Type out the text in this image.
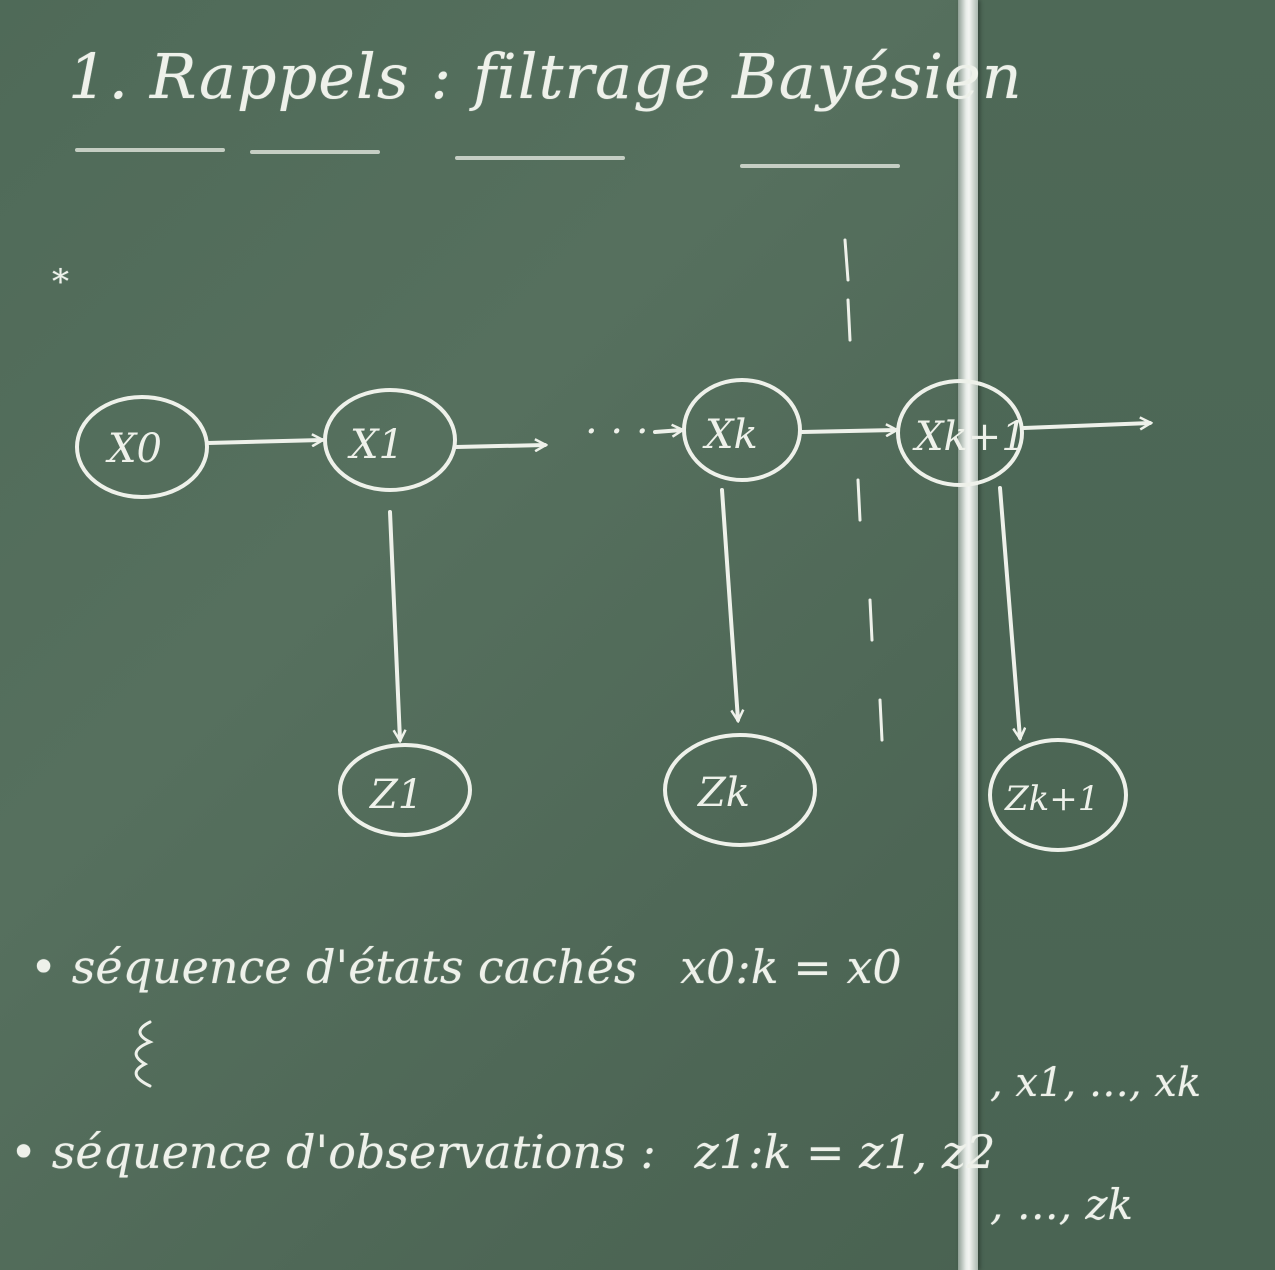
1. Rappels : filtrage Bayésien
*
X0	X1	Xk	Xk+1
· · ·
Z1	Zk	Zk+1
• séquence d'états cachés x0:k = x0
, x1, …, xk
• séquence d'observations : z1:k = z1, z2
, …, zk
